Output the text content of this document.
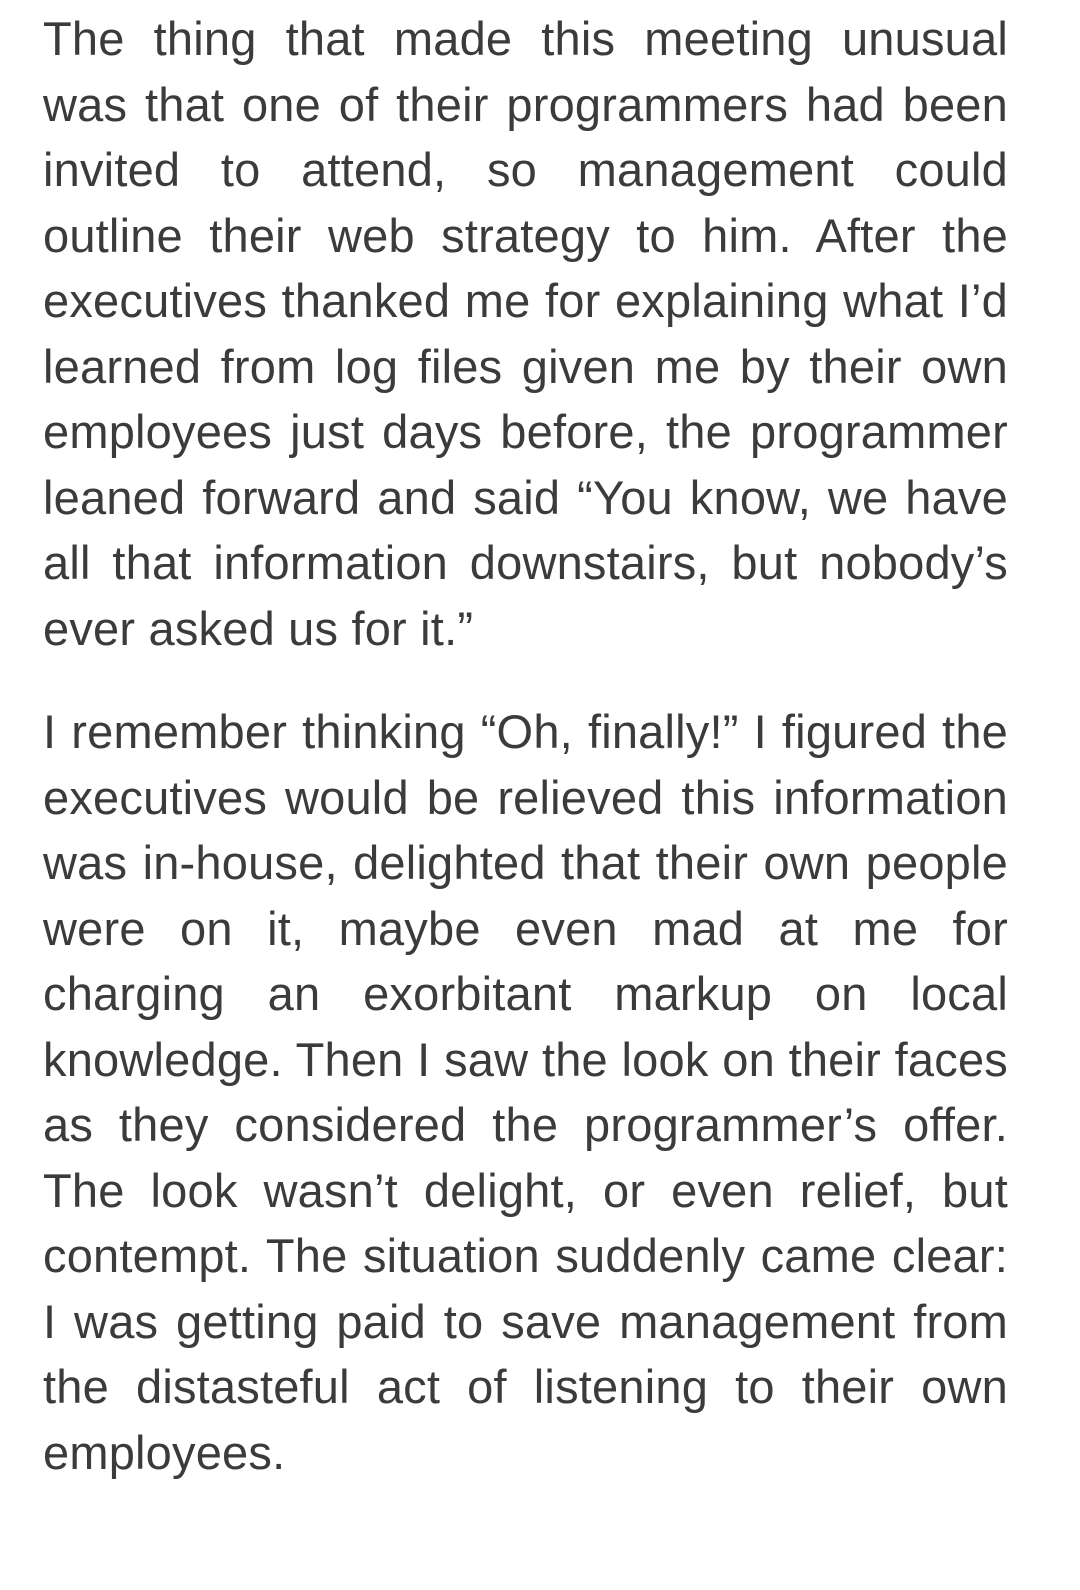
The thing that made this meeting unusual was that one of their programmers had been invited to attend, so management could outline their web strategy to him. After the executives thanked me for explaining what I’d learned from log files given me by their own employees just days before, the programmer leaned forward and said “You know, we have all that information downstairs, but nobody’s ever asked us for it.”

I remember thinking “Oh, finally!” I figured the executives would be relieved this information was in-house, delighted that their own people were on it, maybe even mad at me for charging an exorbitant markup on local knowledge. Then I saw the look on their faces as they considered the programmer’s offer. The look wasn’t delight, or even relief, but contempt. The situation suddenly came clear: I was getting paid to save management from the distasteful act of listening to their own employees.
